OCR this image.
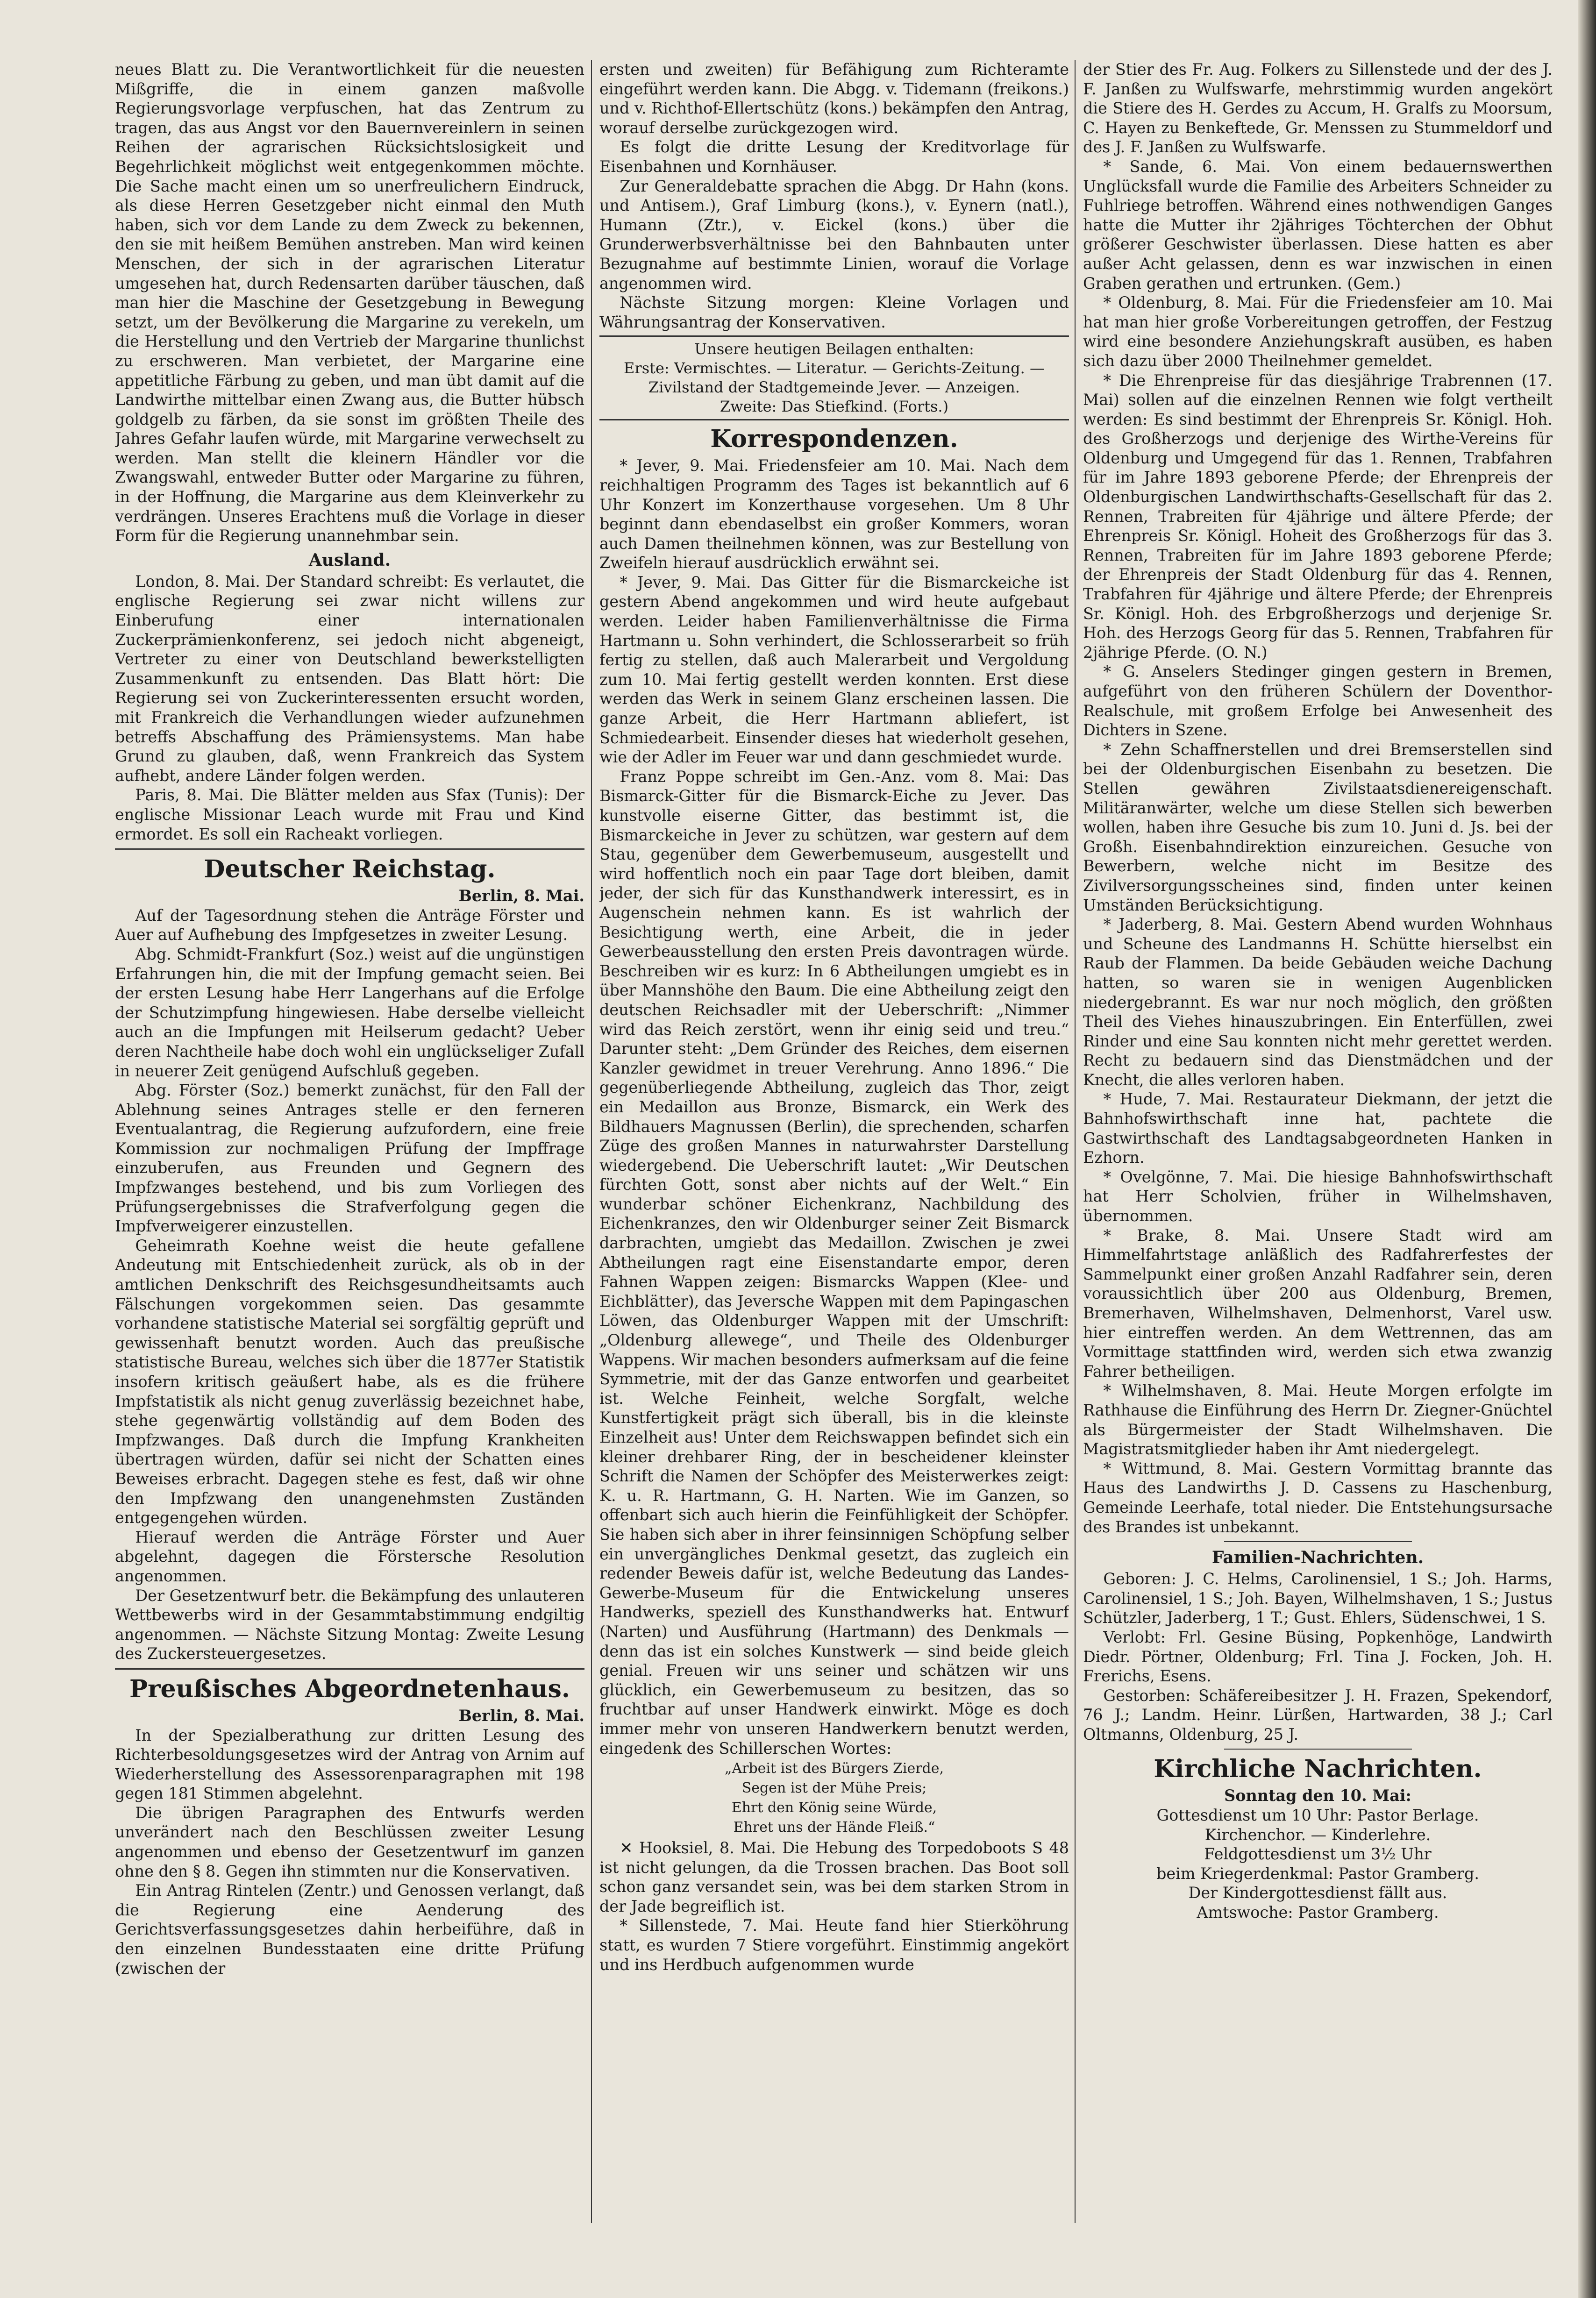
neues Blatt zu. Die Verantwortlichkeit für die neuesten Mißgriffe, die in einem ganzen maßvolle Regierungsvorlage verpfuschen, hat das Zentrum zu tragen, das aus Angst vor den Bauernvereinlern in seinen Reihen der agrarischen Rücksichtslosigkeit und Begehrlichkeit möglichst weit entgegenkommen möchte. Die Sache macht einen um so unerfreulichern Eindruck, als diese Herren Gesetzgeber nicht einmal den Muth haben, sich vor dem Lande zu dem Zweck zu bekennen, den sie mit heißem Bemühen anstreben. Man wird keinen Menschen, der sich in der agrarischen Literatur umgesehen hat, durch Redensarten darüber täuschen, daß man hier die Maschine der Gesetzgebung in Bewegung setzt, um der Bevölkerung die Margarine zu verekeln, um die Herstellung und den Vertrieb der Margarine thunlichst zu erschweren. Man verbietet, der Margarine eine appetitliche Färbung zu geben, und man übt damit auf die Landwirthe mittelbar einen Zwang aus, die Butter hübsch goldgelb zu färben, da sie sonst im größten Theile des Jahres Gefahr laufen würde, mit Margarine verwechselt zu werden. Man stellt die kleinern Händler vor die Zwangswahl, entweder Butter oder Margarine zu führen, in der Hoffnung, die Margarine aus dem Kleinverkehr zu verdrängen. Unseres Erachtens muß die Vorlage in dieser Form für die Regierung unannehmbar sein.

Ausland.

London, 8. Mai. Der Standard schreibt: Es verlautet, die englische Regierung sei zwar nicht willens zur Einberufung einer internationalen Zuckerprämienkonferenz, sei jedoch nicht abgeneigt, Vertreter zu einer von Deutschland bewerkstelligten Zusammenkunft zu entsenden. Das Blatt hört: Die Regierung sei von Zuckerinteressenten ersucht worden, mit Frankreich die Verhandlungen wieder aufzunehmen betreffs Abschaffung des Prämiensystems. Man habe Grund zu glauben, daß, wenn Frankreich das System aufhebt, andere Länder folgen werden.

Paris, 8. Mai. Die Blätter melden aus Sfax (Tunis): Der englische Missionar Leach wurde mit Frau und Kind ermordet. Es soll ein Racheakt vorliegen.

Deutscher Reichstag.

Berlin, 8. Mai.

Auf der Tagesordnung stehen die Anträge Förster und Auer auf Aufhebung des Impfgesetzes in zweiter Lesung.

Abg. Schmidt-Frankfurt (Soz.) weist auf die ungünstigen Erfahrungen hin, die mit der Impfung gemacht seien. Bei der ersten Lesung habe Herr Langerhans auf die Erfolge der Schutzimpfung hingewiesen. Habe derselbe vielleicht auch an die Impfungen mit Heilserum gedacht? Ueber deren Nachtheile habe doch wohl ein unglückseliger Zufall in neuerer Zeit genügend Aufschluß gegeben.

Abg. Förster (Soz.) bemerkt zunächst, für den Fall der Ablehnung seines Antrages stelle er den ferneren Eventualantrag, die Regierung aufzufordern, eine freie Kommission zur nochmaligen Prüfung der Impffrage einzuberufen, aus Freunden und Gegnern des Impfzwanges bestehend, und bis zum Vorliegen des Prüfungsergebnisses die Strafverfolgung gegen die Impfverweigerer einzustellen.

Geheimrath Koehne weist die heute gefallene Andeutung mit Entschiedenheit zurück, als ob in der amtlichen Denkschrift des Reichsgesundheitsamts auch Fälschungen vorgekommen seien. Das gesammte vorhandene statistische Material sei sorgfältig geprüft und gewissenhaft benutzt worden. Auch das preußische statistische Bureau, welches sich über die 1877er Statistik insofern kritisch geäußert habe, als es die frühere Impfstatistik als nicht genug zuverlässig bezeichnet habe, stehe gegenwärtig vollständig auf dem Boden des Impfzwanges. Daß durch die Impfung Krankheiten übertragen würden, dafür sei nicht der Schatten eines Beweises erbracht. Dagegen stehe es fest, daß wir ohne den Impfzwang den unangenehmsten Zuständen entgegengehen würden.

Hierauf werden die Anträge Förster und Auer abgelehnt, dagegen die Förstersche Resolution angenommen.

Der Gesetzentwurf betr. die Bekämpfung des unlauteren Wettbewerbs wird in der Gesammtabstimmung endgiltig angenommen. — Nächste Sitzung Montag: Zweite Lesung des Zuckersteuergesetzes.

Preußisches Abgeordnetenhaus.

Berlin, 8. Mai.

In der Spezialberathung zur dritten Lesung des Richterbesoldungsgesetzes wird der Antrag von Arnim auf Wiederherstellung des Assessorenparagraphen mit 198 gegen 181 Stimmen abgelehnt.

Die übrigen Paragraphen des Entwurfs werden unverändert nach den Beschlüssen zweiter Lesung angenommen und ebenso der Gesetzentwurf im ganzen ohne den § 8. Gegen ihn stimmten nur die Konservativen.

Ein Antrag Rintelen (Zentr.) und Genossen verlangt, daß die Regierung eine Aenderung des Gerichtsverfassungsgesetzes dahin herbeiführe, daß in den einzelnen Bundesstaaten eine dritte Prüfung (zwischen der

ersten und zweiten) für Befähigung zum Richteramte eingeführt werden kann. Die Abgg. v. Tidemann (freikons.) und v. Richthof-Ellertschütz (kons.) bekämpfen den Antrag, worauf derselbe zurückgezogen wird.

Es folgt die dritte Lesung der Kreditvorlage für Eisenbahnen und Kornhäuser.

Zur Generaldebatte sprachen die Abgg. Dr Hahn (kons. und Antisem.), Graf Limburg (kons.), v. Eynern (natl.), Humann (Ztr.), v. Eickel (kons.) über die Grunderwerbsverhältnisse bei den Bahnbauten unter Bezugnahme auf bestimmte Linien, worauf die Vorlage angenommen wird.

Nächste Sitzung morgen: Kleine Vorlagen und Währungsantrag der Konservativen.

Unsere heutigen Beilagen enthalten:
Erste: Vermischtes. — Literatur. — Gerichts-Zeitung. —
Zivilstand der Stadtgemeinde Jever. — Anzeigen.
Zweite: Das Stiefkind. (Forts.)
Korrespondenzen.

* Jever, 9. Mai. Friedensfeier am 10. Mai. Nach dem reichhaltigen Programm des Tages ist bekanntlich auf 6 Uhr Konzert im Konzerthause vorgesehen. Um 8 Uhr beginnt dann ebendaselbst ein großer Kommers, woran auch Damen theilnehmen können, was zur Bestellung von Zweifeln hierauf ausdrücklich erwähnt sei.

* Jever, 9. Mai. Das Gitter für die Bismarckeiche ist gestern Abend angekommen und wird heute aufgebaut werden. Leider haben Familienverhältnisse die Firma Hartmann u. Sohn verhindert, die Schlosserarbeit so früh fertig zu stellen, daß auch Malerarbeit und Vergoldung zum 10. Mai fertig gestellt werden konnten. Erst diese werden das Werk in seinem Glanz erscheinen lassen. Die ganze Arbeit, die Herr Hartmann abliefert, ist Schmiedearbeit. Einsender dieses hat wiederholt gesehen, wie der Adler im Feuer war und dann geschmiedet wurde.

Franz Poppe schreibt im Gen.-Anz. vom 8. Mai: Das Bismarck-Gitter für die Bismarck-Eiche zu Jever. Das kunstvolle eiserne Gitter, das bestimmt ist, die Bismarckeiche in Jever zu schützen, war gestern auf dem Stau, gegenüber dem Gewerbemuseum, ausgestellt und wird hoffentlich noch ein paar Tage dort bleiben, damit jeder, der sich für das Kunsthandwerk interessirt, es in Augenschein nehmen kann. Es ist wahrlich der Besichtigung werth, eine Arbeit, die in jeder Gewerbeausstellung den ersten Preis davontragen würde. Beschreiben wir es kurz: In 6 Abtheilungen umgiebt es in über Mannshöhe den Baum. Die eine Abtheilung zeigt den deutschen Reichsadler mit der Ueberschrift: „Nimmer wird das Reich zerstört, wenn ihr einig seid und treu.“ Darunter steht: „Dem Gründer des Reiches, dem eisernen Kanzler gewidmet in treuer Verehrung. Anno 1896.“ Die gegenüberliegende Abtheilung, zugleich das Thor, zeigt ein Medaillon aus Bronze, Bismarck, ein Werk des Bildhauers Magnussen (Berlin), die sprechenden, scharfen Züge des großen Mannes in naturwahrster Darstellung wiedergebend. Die Ueberschrift lautet: „Wir Deutschen fürchten Gott, sonst aber nichts auf der Welt.“ Ein wunderbar schöner Eichenkranz, Nachbildung des Eichenkranzes, den wir Oldenburger seiner Zeit Bismarck darbrachten, umgiebt das Medaillon. Zwischen je zwei Abtheilungen ragt eine Eisenstandarte empor, deren Fahnen Wappen zeigen: Bismarcks Wappen (Klee- und Eichblätter), das Jeversche Wappen mit dem Papingaschen Löwen, das Oldenburger Wappen mit der Umschrift: „Oldenburg allewege“, und Theile des Oldenburger Wappens. Wir machen besonders aufmerksam auf die feine Symmetrie, mit der das Ganze entworfen und gearbeitet ist. Welche Feinheit, welche Sorgfalt, welche Kunstfertigkeit prägt sich überall, bis in die kleinste Einzelheit aus! Unter dem Reichswappen befindet sich ein kleiner drehbarer Ring, der in bescheidener kleinster Schrift die Namen der Schöpfer des Meisterwerkes zeigt: K. u. R. Hartmann, G. H. Narten. Wie im Ganzen, so offenbart sich auch hierin die Feinfühligkeit der Schöpfer. Sie haben sich aber in ihrer feinsinnigen Schöpfung selber ein unvergängliches Denkmal gesetzt, das zugleich ein redender Beweis dafür ist, welche Bedeutung das Landes-Gewerbe-Museum für die Entwickelung unseres Handwerks, speziell des Kunsthandwerks hat. Entwurf (Narten) und Ausführung (Hartmann) des Denkmals — denn das ist ein solches Kunstwerk — sind beide gleich genial. Freuen wir uns seiner und schätzen wir uns glücklich, ein Gewerbemuseum zu besitzen, das so fruchtbar auf unser Handwerk einwirkt. Möge es doch immer mehr von unseren Handwerkern benutzt werden, eingedenk des Schillerschen Wortes:

„Arbeit ist des Bürgers Zierde,
Segen ist der Mühe Preis;
Ehrt den König seine Würde,
Ehret uns der Hände Fleiß.“

✕ Hooksiel, 8. Mai. Die Hebung des Torpedoboots S 48 ist nicht gelungen, da die Trossen brachen. Das Boot soll schon ganz versandet sein, was bei dem starken Strom in der Jade begreiflich ist.

* Sillenstede, 7. Mai. Heute fand hier Stierköhrung statt, es wurden 7 Stiere vorgeführt. Einstimmig angekört und ins Herdbuch aufgenommen wurde

der Stier des Fr. Aug. Folkers zu Sillenstede und der des J. F. Janßen zu Wulfswarfe, mehrstimmig wurden angekört die Stiere des H. Gerdes zu Accum, H. Gralfs zu Moorsum, C. Hayen zu Benkeftede, Gr. Menssen zu Stummeldorf und des J. F. Janßen zu Wulfswarfe.

* Sande, 6. Mai. Von einem bedauernswerthen Unglücksfall wurde die Familie des Arbeiters Schneider zu Fuhlriege betroffen. Während eines nothwendigen Ganges hatte die Mutter ihr 2jähriges Töchterchen der Obhut größerer Geschwister überlassen. Diese hatten es aber außer Acht gelassen, denn es war inzwischen in einen Graben gerathen und ertrunken. (Gem.)

* Oldenburg, 8. Mai. Für die Friedensfeier am 10. Mai hat man hier große Vorbereitungen getroffen, der Festzug wird eine besondere Anziehungskraft ausüben, es haben sich dazu über 2000 Theilnehmer gemeldet.

* Die Ehrenpreise für das diesjährige Trabrennen (17. Mai) sollen auf die einzelnen Rennen wie folgt vertheilt werden: Es sind bestimmt der Ehrenpreis Sr. Königl. Hoh. des Großherzogs und derjenige des Wirthe-Vereins für Oldenburg und Umgegend für das 1. Rennen, Trabfahren für im Jahre 1893 geborene Pferde; der Ehrenpreis der Oldenburgischen Landwirthschafts-Gesellschaft für das 2. Rennen, Trabreiten für 4jährige und ältere Pferde; der Ehrenpreis Sr. Königl. Hoheit des Großherzogs für das 3. Rennen, Trabreiten für im Jahre 1893 geborene Pferde; der Ehrenpreis der Stadt Oldenburg für das 4. Rennen, Trabfahren für 4jährige und ältere Pferde; der Ehrenpreis Sr. Königl. Hoh. des Erbgroßherzogs und derjenige Sr. Hoh. des Herzogs Georg für das 5. Rennen, Trabfahren für 2jährige Pferde. (O. N.)

* G. Anselers Stedinger gingen gestern in Bremen, aufgeführt von den früheren Schülern der Doventhor-Realschule, mit großem Erfolge bei Anwesenheit des Dichters in Szene.

* Zehn Schaffnerstellen und drei Bremserstellen sind bei der Oldenburgischen Eisenbahn zu besetzen. Die Stellen gewähren Zivilstaatsdienereigenschaft. Militäranwärter, welche um diese Stellen sich bewerben wollen, haben ihre Gesuche bis zum 10. Juni d. Js. bei der Großh. Eisenbahndirektion einzureichen. Gesuche von Bewerbern, welche nicht im Besitze des Zivilversorgungsscheines sind, finden unter keinen Umständen Berücksichtigung.

* Jaderberg, 8. Mai. Gestern Abend wurden Wohnhaus und Scheune des Landmanns H. Schütte hierselbst ein Raub der Flammen. Da beide Gebäuden weiche Dachung hatten, so waren sie in wenigen Augenblicken niedergebrannt. Es war nur noch möglich, den größten Theil des Viehes hinauszubringen. Ein Enterfüllen, zwei Rinder und eine Sau konnten nicht mehr gerettet werden. Recht zu bedauern sind das Dienstmädchen und der Knecht, die alles verloren haben.

* Hude, 7. Mai. Restaurateur Diekmann, der jetzt die Bahnhofswirthschaft inne hat, pachtete die Gastwirthschaft des Landtagsabgeordneten Hanken in Ezhorn.

* Ovelgönne, 7. Mai. Die hiesige Bahnhofswirthschaft hat Herr Scholvien, früher in Wilhelmshaven, übernommen.

* Brake, 8. Mai. Unsere Stadt wird am Himmelfahrtstage anläßlich des Radfahrerfestes der Sammelpunkt einer großen Anzahl Radfahrer sein, deren voraussichtlich über 200 aus Oldenburg, Bremen, Bremerhaven, Wilhelmshaven, Delmenhorst, Varel usw. hier eintreffen werden. An dem Wettrennen, das am Vormittage stattfinden wird, werden sich etwa zwanzig Fahrer betheiligen.

* Wilhelmshaven, 8. Mai. Heute Morgen erfolgte im Rathhause die Einführung des Herrn Dr. Ziegner-Gnüchtel als Bürgermeister der Stadt Wilhelmshaven. Die Magistratsmitglieder haben ihr Amt niedergelegt.

* Wittmund, 8. Mai. Gestern Vormittag brannte das Haus des Landwirths J. D. Cassens zu Haschenburg, Gemeinde Leerhafe, total nieder. Die Entstehungsursache des Brandes ist unbekannt.

Familien-Nachrichten.

Geboren: J. C. Helms, Carolinensiel, 1 S.; Joh. Harms, Carolinensiel, 1 S.; Joh. Bayen, Wilhelmshaven, 1 S.; Justus Schützler, Jaderberg, 1 T.; Gust. Ehlers, Südenschwei, 1 S.

Verlobt: Frl. Gesine Büsing, Popkenhöge, Landwirth Diedr. Pörtner, Oldenburg; Frl. Tina J. Focken, Joh. H. Frerichs, Esens.

Gestorben: Schäfereibesitzer J. H. Frazen, Spekendorf, 76 J.; Landm. Heinr. Lürßen, Hartwarden, 38 J.; Carl Oltmanns, Oldenburg, 25 J.

Kirchliche Nachrichten.

Sonntag den 10. Mai:

Gottesdienst um 10 Uhr: Pastor Berlage.

Kirchenchor. — Kinderlehre.

Feldgottesdienst um 3½ Uhr

beim Kriegerdenkmal: Pastor Gramberg.

Der Kindergottesdienst fällt aus.

Amtswoche: Pastor Gramberg.
